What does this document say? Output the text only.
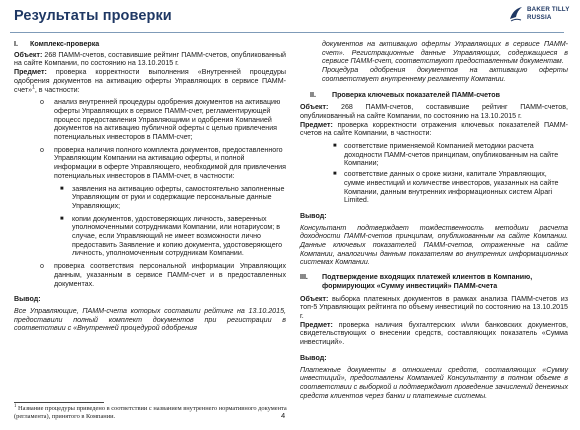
Результаты проверки	BAKER TILLY
RUSSIA
I. Комплекс-проверка

Объект: 268 ПАММ-счетов, составившие рейтинг ПАММ-счетов, опубликованный на сайте Компании, по состоянию на 13.10.2015 г.

Предмет: проверка корректности выполнения «Внутренней процедуры одобрения документов на активацию оферты Управляющих в сервисе ПАММ-счет»$^1$, в частности:

o анализ внутренней процедуры одобрения документов на активацию оферты Управляющих в сервисе ПАММ-счет, регламентирующей процесс предоставления Управляющими и одобрения Компанией документов на активацию публичной оферты с целью привлечения потенциальных инвесторов в ПАММ-счет;
o проверка наличия полного комплекта документов, предоставленного Управляющим Компании на активацию оферты, и полной информации в оферте Управляющего, необходимой для привлечения потенциальных инвесторов в ПАММ-счет, в частности:
■ заявления на активацию оферты, самостоятельно заполненные Управляющим от руки и содержащие персональные данные Управляющих;
■ копии документов, удостоверяющих личность, заверенных уполномоченными сотрудниками Компании, или нотариусом; в случае, если Управляющий не имеет возможности лично предоставить Заявление и копию документа, удостоверяющего личность, уполномоченным сотрудникам Компании.
o проверка соответствия персональной информации Управляющих данным, указанным в сервисе ПАММ-счет и в предоставленных документах.

Вывод:

Все Управляющие, ПАММ-счета которых составили рейтинг на 13.10.2015, предоставили полный комплект документов при регистрации в соответствии с «Внутренней процедурой одобрения

$^1$ Название процедуры приведено в соответствии с названием внутреннего нормативного документа (регламента), принятого в Компании.

документов на активацию оферты Управляющих в сервисе ПАММ-счет». Регистрационные данные Управляющих, содержащиеся в сервисе ПАММ-счет, соответствуют предоставленным документам.

Процедура одобрения документов на активацию оферты соответствует внутреннему регламенту Компании.

II. Проверка ключевых показателей ПАММ-счетов

Объект: 268 ПАММ-счетов, составившие рейтинг ПАММ-счетов, опубликованный на сайте Компании, по состоянию на 13.10.2015 г.

Предмет: проверка корректности отражения ключевых показателей ПАММ-счетов на сайте Компании, в частности:

■ соответствие применяемой Компанией методики расчета доходности ПАММ-счетов принципам, опубликованным на сайте Компании;
■ соответствие данных о сроке жизни, капитале Управляющих, сумме инвестиций и количестве инвесторов, указанных на сайте Компании, данным внутренних информационных систем Alpari Limited.
Вывод:

Консультант подтверждает тождественность методики расчета доходности ПАММ-счетов принципам, опубликованным на сайте Компании. Данные ключевых показателей ПАММ-счетов, отраженные на сайте Компании, аналогичны данным показателям во внутренних информационных системах Компании.

III.	Подтверждение входящих платежей клиентов в Компанию, формирующих «Сумму инвестиций» ПАММ-счета

Объект: выборка платежных документов в рамках анализа ПАММ-счетов из топ-5 Управляющих рейтинга по объему инвестиций по состоянию на 13.10.2015 г.

Предмет: проверка наличия бухгалтерских и/или банковских документов, свидетельствующих о внесении средств, составляющих показатель «Сумма инвестиций».

Вывод:

Платежные документы в отношении средств, составляющих «Сумму инвестиций», предоставлены Компанией Консультанту в полном объеме в соответствии с выборкой и подтверждают проведение зачислений денежных средств клиентов через банки и платежные системы.

4
